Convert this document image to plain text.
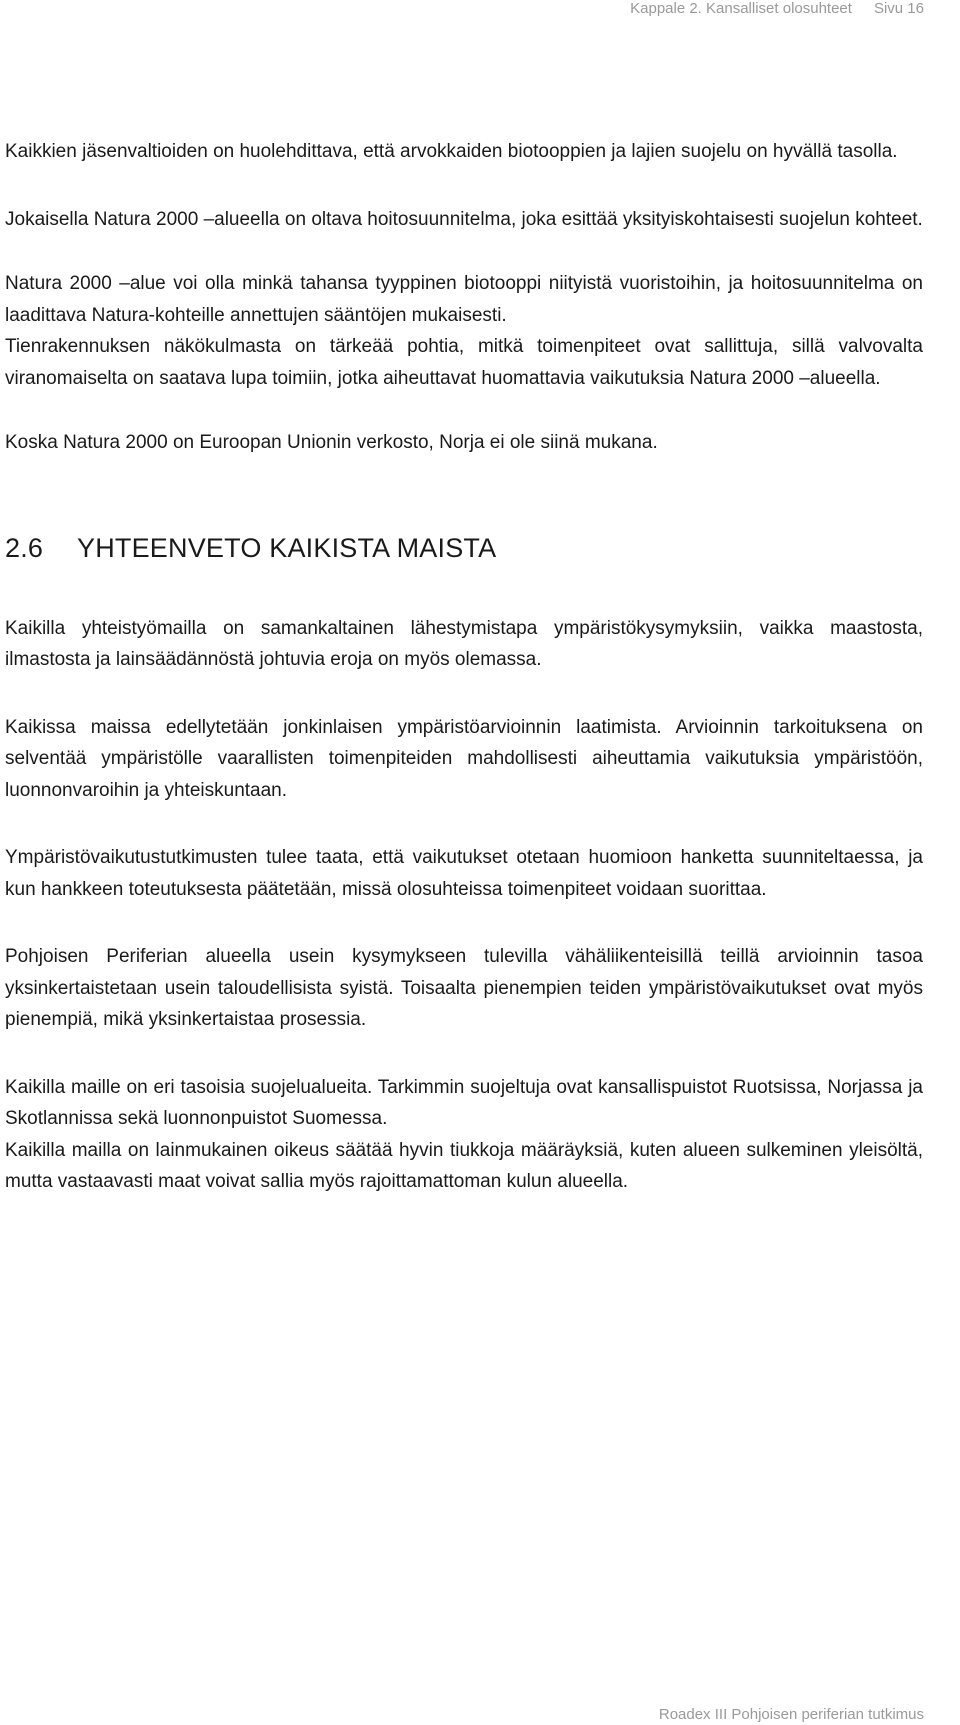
Kappale 2. Kansalliset olosuhteet Sivu 16

Kaikkien jäsenvaltioiden on huolehdittava, että arvokkaiden biotooppien ja lajien suojelu on hyvällä tasolla.

Jokaisella Natura 2000 –alueella on oltava hoitosuunnitelma, joka esittää yksityiskohtaisesti suojelun kohteet.

Natura 2000 –alue voi olla minkä tahansa tyyppinen biotooppi niityistä vuoristoihin, ja hoitosuunnitelma on laadittava Natura-kohteille annettujen sääntöjen mukaisesti.

Tienrakennuksen näkökulmasta on tärkeää pohtia, mitkä toimenpiteet ovat sallittuja, sillä valvovalta viranomaiselta on saatava lupa toimiin, jotka aiheuttavat huomattavia vaikutuksia Natura 2000 –alueella.

Koska Natura 2000 on Euroopan Unionin verkosto, Norja ei ole siinä mukana.

2.6 YHTEENVETO KAIKISTA MAISTA

Kaikilla yhteistyömailla on samankaltainen lähestymistapa ympäristökysymyksiin, vaikka maastosta, ilmastosta ja lainsäädännöstä johtuvia eroja on myös olemassa.

Kaikissa maissa edellytetään jonkinlaisen ympäristöarvioinnin laatimista. Arvioinnin tarkoituksena on selventää ympäristölle vaarallisten toimenpiteiden mahdollisesti aiheuttamia vaikutuksia ympäristöön, luonnonvaroihin ja yhteiskuntaan.

Ympäristövaikutustutkimusten tulee taata, että vaikutukset otetaan huomioon hanketta suunniteltaessa, ja kun hankkeen toteutuksesta päätetään, missä olosuhteissa toimenpiteet voidaan suorittaa.

Pohjoisen Periferian alueella usein kysymykseen tulevilla vähäliikenteisillä teillä arvioinnin tasoa yksinkertaistetaan usein taloudellisista syistä. Toisaalta pienempien teiden ympäristövaikutukset ovat myös pienempiä, mikä yksinkertaistaa prosessia.

Kaikilla maille on eri tasoisia suojelualueita. Tarkimmin suojeltuja ovat kansallispuistot Ruotsissa, Norjassa ja Skotlannissa sekä luonnonpuistot Suomessa.

Kaikilla mailla on lainmukainen oikeus säätää hyvin tiukkoja määräyksiä, kuten alueen sulkeminen yleisöltä, mutta vastaavasti maat voivat sallia myös rajoittamattoman kulun alueella.

Roadex III Pohjoisen periferian tutkimus
